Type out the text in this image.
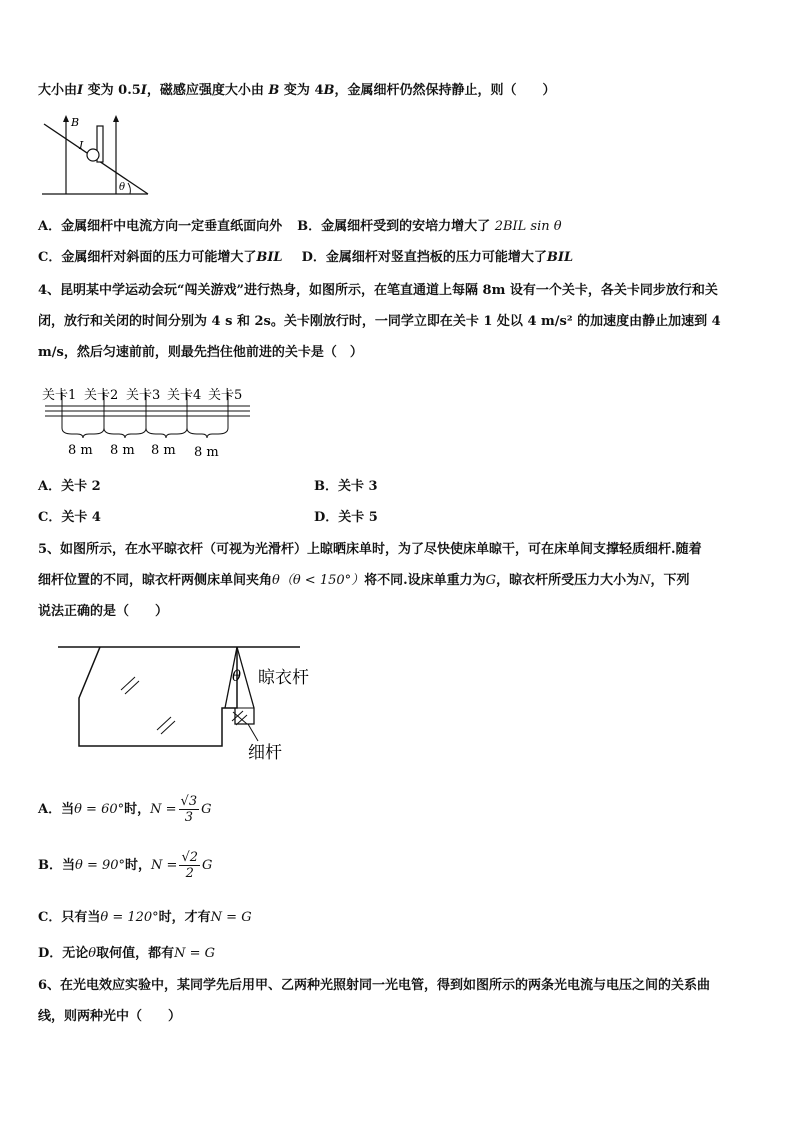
大小由I 变为 0.5I，磁感应强度大小由 B 变为 4B，金属细杆仍然保持静止，则（　　）
B
I
θ
A．金属细杆中电流方向一定垂直纸面向外 B．金属细杆受到的安培力增大了 2BIL sin θ
C．金属细杆对斜面的压力可能增大了BIL D．金属细杆对竖直挡板的压力可能增大了BIL
4、昆明某中学运动会玩“闯关游戏”进行热身，如图所示，在笔直通道上每隔 8m 设有一个关卡，各关卡同步放行和关
闭，放行和关闭的时间分别为 4 s 和 2s。关卡刚放行时，一同学立即在关卡 1 处以 4 m/s² 的加速度由静止加速到 4
m/s，然后匀速前前，则最先挡住他前进的关卡是（　）
关卡1 关卡2 关卡3 关卡4 关卡5
8 m 8 m 8 m 8 m
A．关卡 2	B．关卡 3
C．关卡 4	D．关卡 5
5、如图所示，在水平晾衣杆（可视为光滑杆）上晾晒床单时，为了尽快使床单晾干，可在床单间支撑轻质细杆.随着
细杆位置的不同，晾衣杆两侧床单间夹角θ（θ < 150°）将不同.设床单重力为G，晾衣杆所受压力大小为N，下列
说法正确的是（　　）
θ 晾衣杆
细杆
A．当θ = 60°时，$N = \frac{√3}{3}$ G
B．当θ = 90°时，$N = \frac{√2}{2}$ G
C．只有当θ = 120°时，才有N = G
D．无论θ取何值，都有N = G
6、在光电效应实验中，某同学先后用甲、乙两种光照射同一光电管，得到如图所示的两条光电流与电压之间的关系曲
线，则两种光中（　　）
